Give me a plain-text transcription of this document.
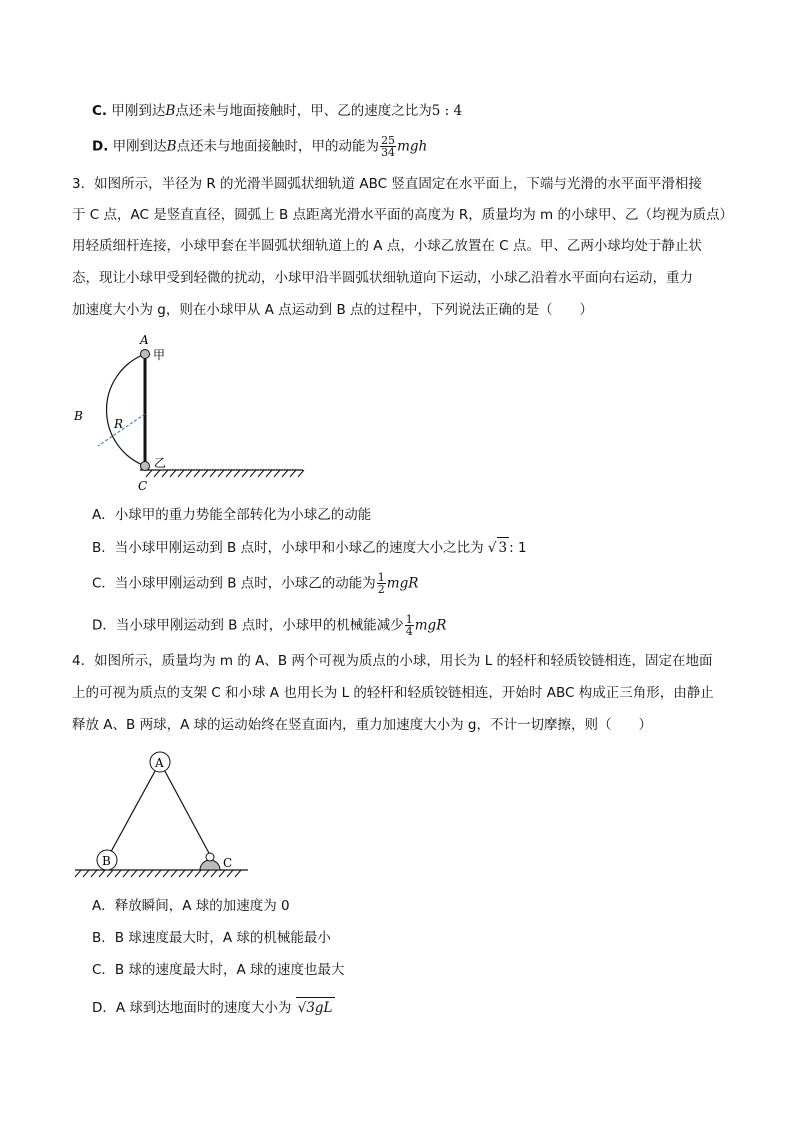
C. 甲刚到达B点还未与地面接触时，甲、乙的速度之比为5 : 4
D. 甲刚到达B点还未与地面接触时，甲的动能为 $\frac{25}{34}$ mgh
3．如图所示，半径为 R 的光滑半圆弧状细轨道 ABC 竖直固定在水平面上，下端与光滑的水平面平滑相接
于 C 点，AC 是竖直直径，圆弧上 B 点距离光滑水平面的高度为 R，质量均为 m 的小球甲、乙（均视为质点）
用轻质细杆连接，小球甲套在半圆弧状细轨道上的 A 点，小球乙放置在 C 点。甲、乙两小球均处于静止状
态，现让小球甲受到轻微的扰动，小球甲沿半圆弧状细轨道向下运动，小球乙沿着水平面向右运动，重力
加速度大小为 g，则在小球甲从 A 点运动到 B 点的过程中，下列说法正确的是（　　）
A
甲
B
R
乙
C
A．小球甲的重力势能全部转化为小球乙的动能
B．当小球甲刚运动到 B 点时，小球甲和小球乙的速度大小之比为 √ 3 : 1
C．当小球甲刚运动到 B 点时，小球乙的动能为 $\frac{1}{2}$ mgR
D．当小球甲刚运动到 B 点时，小球甲的机械能减少 $\frac{1}{4}$ mgR
4．如图所示，质量均为 m 的 A、B 两个可视为质点的小球，用长为 L 的轻杆和轻质铰链相连，固定在地面
上的可视为质点的支架 C 和小球 A 也用长为 L 的轻杆和轻质铰链相连，开始时 ABC 构成正三角形，由静止
释放 A、B 两球，A 球的运动始终在竖直面内，重力加速度大小为 g，不计一切摩擦，则（　　）
A
B	C
A．释放瞬间，A 球的加速度为 0
B．B 球速度最大时，A 球的机械能最小
C．B 球的速度最大时，A 球的速度也最大
D．A 球到达地面时的速度大小为 √3gL
